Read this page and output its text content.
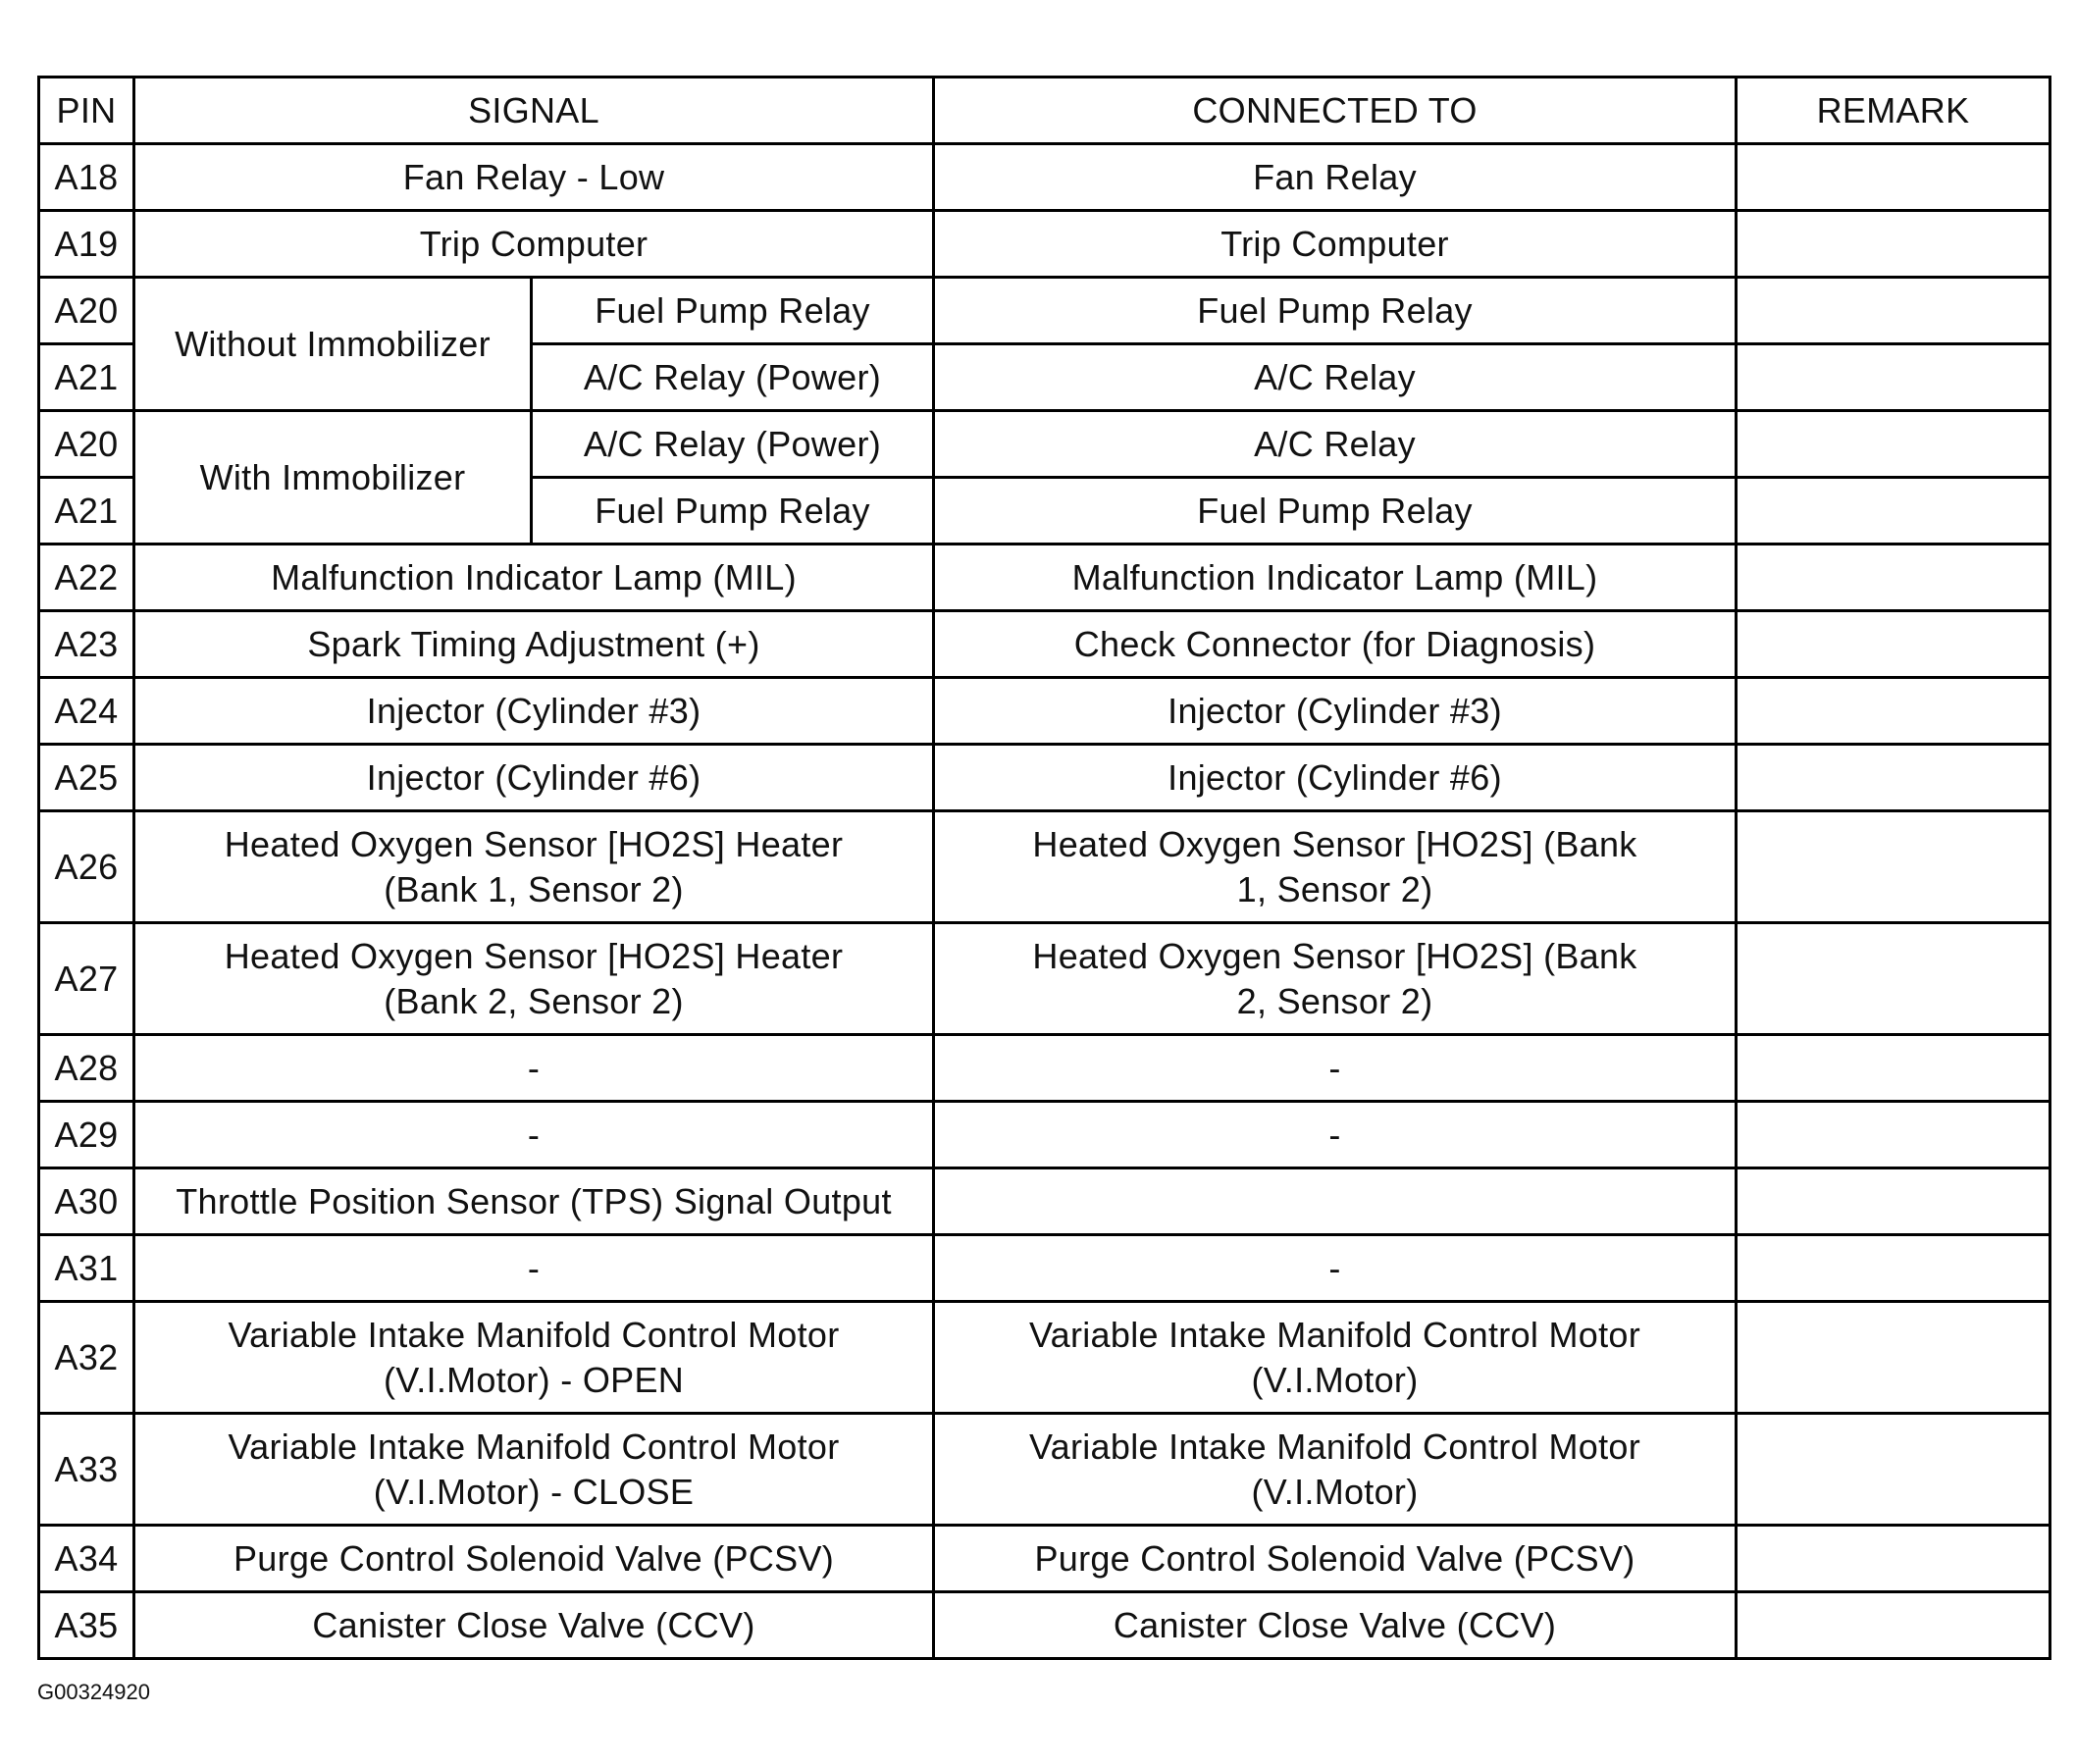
PIN	SIGNAL		CONNECTED TO	REMARK
A18	Fan Relay - Low		Fan Relay	
A19	Trip Computer		Trip Computer	
A20	Without Immobilizer	Fuel Pump Relay	Fuel Pump Relay	
A21		A/C Relay (Power)	A/C Relay	
A20	With Immobilizer	A/C Relay (Power)	A/C Relay	
A21		Fuel Pump Relay	Fuel Pump Relay	
A22	Malfunction Indicator Lamp (MIL)		Malfunction Indicator Lamp (MIL)	
A23	Spark Timing Adjustment (+)		Check Connector (for Diagnosis)	
A24	Injector (Cylinder #3)		Injector (Cylinder #3)	
A25	Injector (Cylinder #6)		Injector (Cylinder #6)	
A26	Heated Oxygen Sensor [HO2S] Heater
(Bank 1, Sensor 2)		Heated Oxygen Sensor [HO2S] (Bank
1, Sensor 2)	
A27	Heated Oxygen Sensor [HO2S] Heater
(Bank 2, Sensor 2)		Heated Oxygen Sensor [HO2S] (Bank
2, Sensor 2)	
A28	-		-	
A29	-		-	
A30	Throttle Position Sensor (TPS) Signal Output			
A31	-		-	
A32	Variable Intake Manifold Control Motor
(V.I.Motor) - OPEN		Variable Intake Manifold Control Motor
(V.I.Motor)	
A33	Variable Intake Manifold Control Motor
(V.I.Motor) - CLOSE		Variable Intake Manifold Control Motor
(V.I.Motor)	
A34	Purge Control Solenoid Valve (PCSV)		Purge Control Solenoid Valve (PCSV)	
A35	Canister Close Valve (CCV)		Canister Close Valve (CCV)	
G00324920
